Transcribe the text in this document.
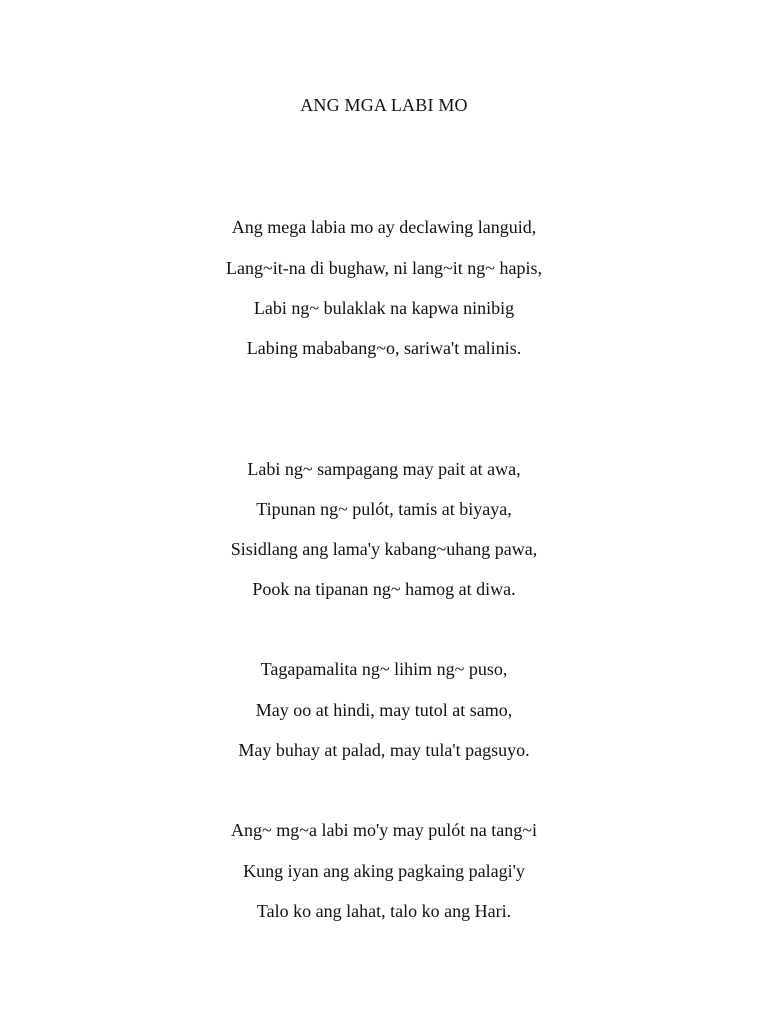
ANG MGA LABI MO
Ang mega labia mo ay declawing languid,
Lang~it-na di bughaw, ni lang~it ng~ hapis,
Labi ng~ bulaklak na kapwa ninibig
Labing mababang~o, sariwa't malinis.
Labi ng~ sampagang may pait at awa,
Tipunan ng~ pulót, tamis at biyaya,
Sisidlang ang lama'y kabang~uhang pawa,
Pook na tipanan ng~ hamog at diwa.
Tagapamalita ng~ lihim ng~ puso,
May oo at hindi, may tutol at samo,
May buhay at palad, may tula't pagsuyo.
Ang~ mg~a labi mo'y may pulót na tang~i
Kung iyan ang aking pagkaing palagi'y
Talo ko ang lahat, talo ko ang Hari.
